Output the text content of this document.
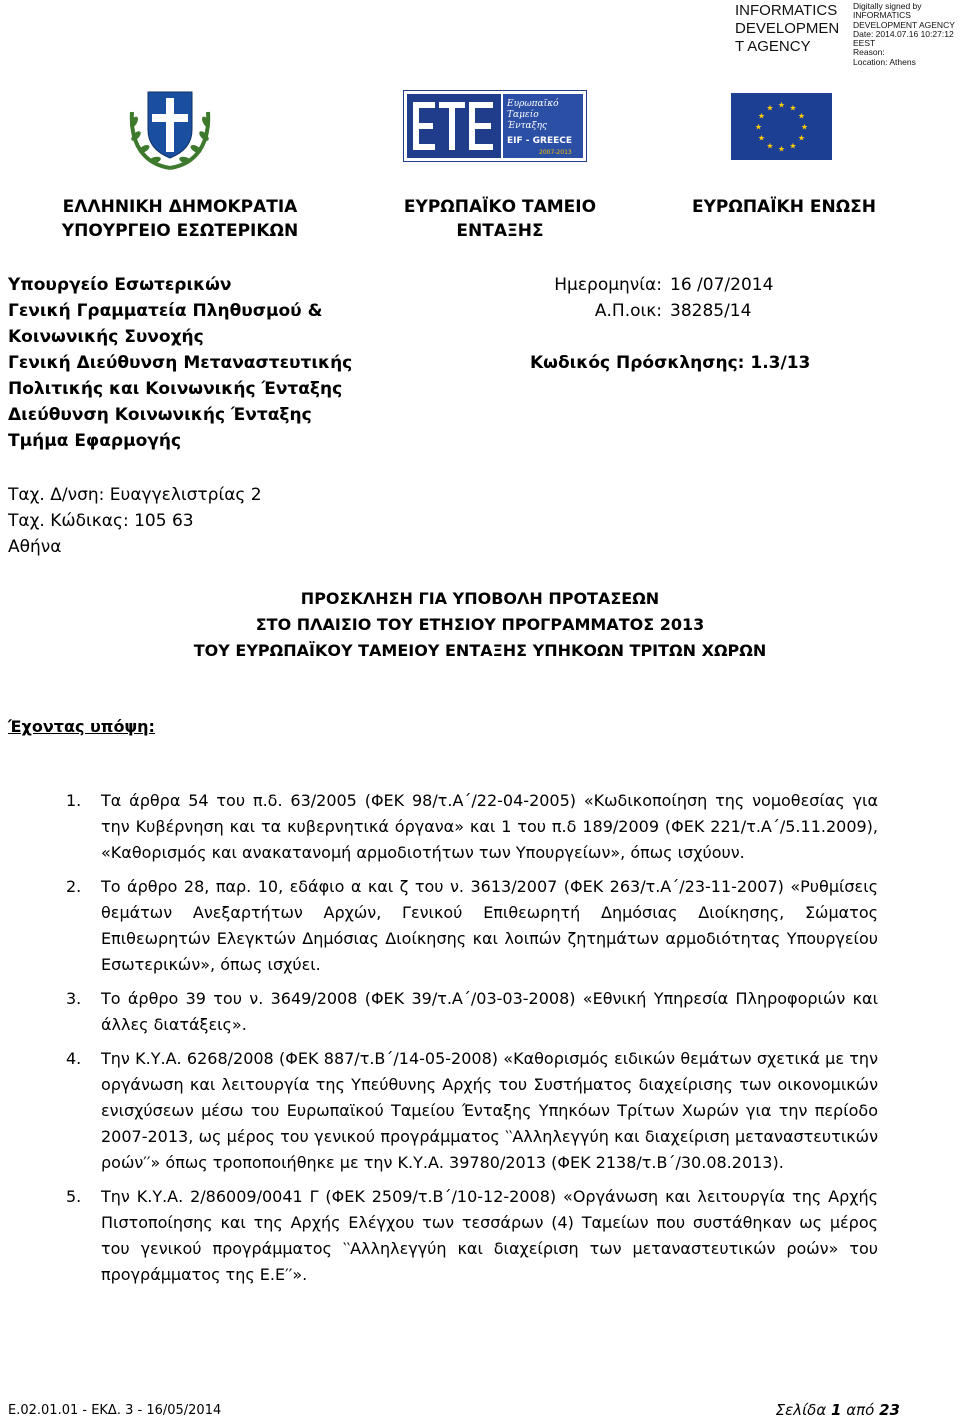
INFORMATICS
DEVELOPMEN
T AGENCY
Digitally signed by
INFORMATICS
DEVELOPMENT AGENCY
Date: 2014.07.16 10:27:12
EEST
Reason:
Location: Athens
Ευρωπαϊκό
Ταμείο
Ένταξης
EIF - GREECE
2007-2013
★ ★
★
★
★
★
★
★
★
★
★
★
ΕΛΛΗΝΙΚΗ ΔΗΜΟΚΡΑΤΙΑ
ΥΠΟΥΡΓΕΙΟ ΕΣΩΤΕΡΙΚΩΝ
ΕΥΡΩΠΑΪΚΟ ΤΑΜΕΙΟ
ΕΝΤΑΞΗΣ
ΕΥΡΩΠΑΪΚΗ ΕΝΩΣΗ
Υπουργείο Εσωτερικών
Γενική Γραμματεία Πληθυσμού &
Κοινωνικής Συνοχής
Γενική Διεύθυνση Μεταναστευτικής
Πολιτικής και Κοινωνικής Ένταξης
Διεύθυνση Κοινωνικής Ένταξης
Τμήμα Εφαρμογής
Ημερομηνία: 16 /07/2014
Α.Π.οικ: 38285/14
Κωδικός Πρόσκλησης: 1.3/13
Ταχ. Δ/νση: Ευαγγελιστρίας 2
Ταχ. Κώδικας: 105 63
Αθήνα
ΠΡΟΣΚΛΗΣΗ ΓΙΑ ΥΠΟΒΟΛΗ ΠΡΟΤΑΣΕΩΝ
ΣΤΟ ΠΛΑΙΣΙΟ ΤΟΥ ΕΤΗΣΙΟΥ ΠΡΟΓΡΑΜΜΑΤΟΣ 2013
ΤΟΥ ΕΥΡΩΠΑΪΚΟΥ ΤΑΜΕΙΟΥ ΕΝΤΑΞΗΣ ΥΠΗΚΟΩΝ ΤΡΙΤΩΝ ΧΩΡΩΝ
Έχοντας υπόψη:
1.	Τα άρθρα 54 του π.δ. 63/2005 (ΦΕΚ 98/τ.Α΄/22-04-2005) «Κωδικοποίηση της νομοθεσίας για την Κυβέρνηση και τα κυβερνητικά όργανα» και 1 του π.δ 189/2009 (ΦΕΚ 221/τ.Α΄/5.11.2009), «Καθορισμός και ανακατανομή αρμοδιοτήτων των Υπουργείων», όπως ισχύουν.
2.	Το άρθρο 28, παρ. 10, εδάφιο α και ζ του ν. 3613/2007 (ΦΕΚ 263/τ.Α΄/23-11-2007) «Ρυθμίσεις θεμάτων Ανεξαρτήτων Αρχών, Γενικού Επιθεωρητή Δημόσιας Διοίκησης, Σώματος Επιθεωρητών Ελεγκτών Δημόσιας Διοίκησης και λοιπών ζητημάτων αρμοδιότητας Υπουργείου Εσωτερικών», όπως ισχύει.
3.	Το άρθρο 39 του ν. 3649/2008 (ΦΕΚ 39/τ.Α΄/03-03-2008) «Εθνική Υπηρεσία Πληροφοριών και άλλες διατάξεις».
4.	Την Κ.Υ.Α. 6268/2008 (ΦΕΚ 887/τ.Β΄/14-05-2008) «Καθορισμός ειδικών θεμάτων σχετικά με την οργάνωση και λειτουργία της Υπεύθυνης Αρχής του Συστήματος διαχείρισης των οικονομικών ενισχύσεων μέσω του Ευρωπαϊκού Ταμείου Ένταξης Υπηκόων Τρίτων Χωρών για την περίοδο 2007-2013, ως μέρος του γενικού προγράμματος ‵‵Αλληλεγγύη και διαχείριση μεταναστευτικών ροών′′» όπως τροποποιήθηκε με την Κ.Υ.Α. 39780/2013 (ΦΕΚ 2138/τ.Β΄/30.08.2013).
5.	Την Κ.Υ.Α. 2/86009/0041 Γ (ΦΕΚ 2509/τ.Β΄/10-12-2008) «Οργάνωση και λειτουργία της Αρχής Πιστοποίησης και της Αρχής Ελέγχου των τεσσάρων (4) Ταμείων που συστάθηκαν ως μέρος του γενικού προγράμματος ‵‵Αλληλεγγύη και διαχείριση των μεταναστευτικών ροών» του προγράμματος της Ε.Ε′′».
Ε.02.01.01 - ΕΚΔ. 3 - 16/05/2014	Σελίδα 1 από 23
